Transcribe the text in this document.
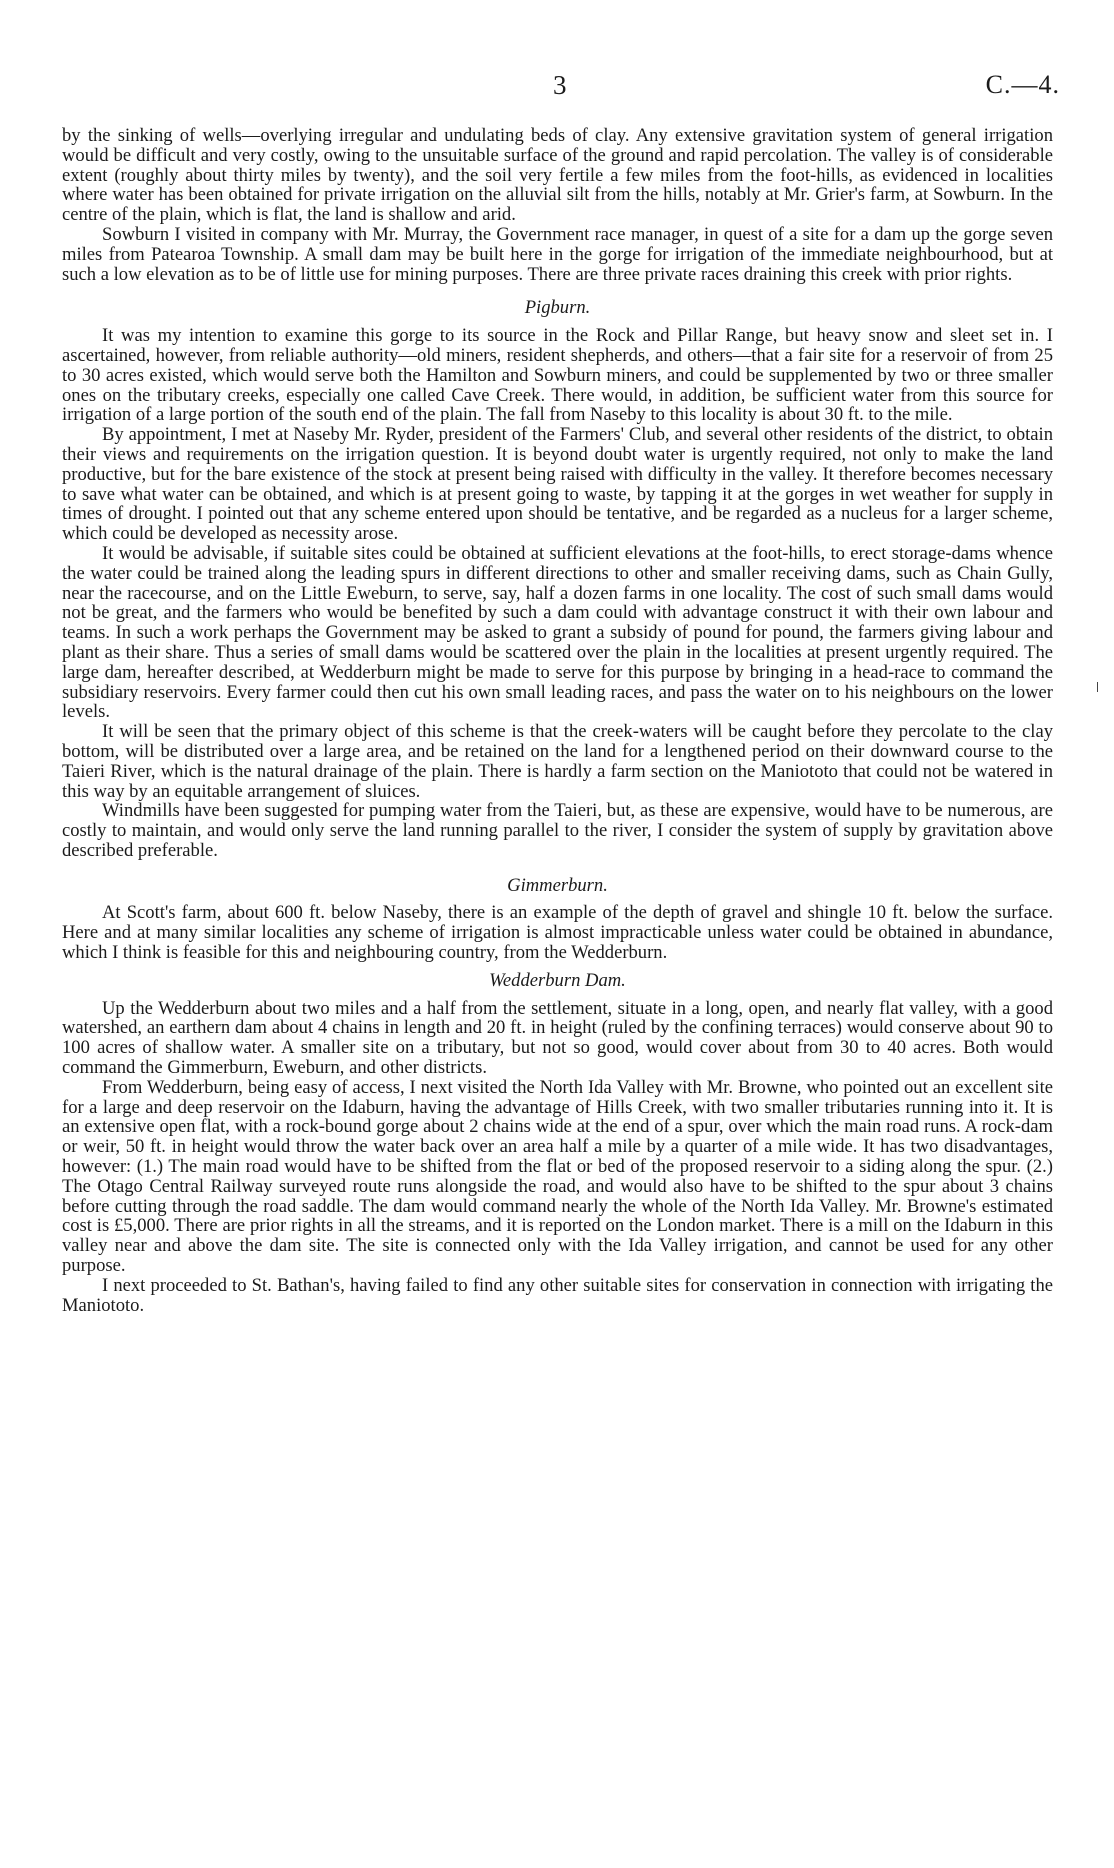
3	C.—4.

by the sinking of wells—overlying irregular and undulating beds of clay. Any extensive gravitation system of general irrigation would be difficult and very costly, owing to the unsuitable surface of the ground and rapid percolation. The valley is of considerable extent (roughly about thirty miles by twenty), and the soil very fertile a few miles from the foot-hills, as evidenced in localities where water has been obtained for private irrigation on the alluvial silt from the hills, notably at Mr. Grier's farm, at Sowburn. In the centre of the plain, which is flat, the land is shallow and arid.

Sowburn I visited in company with Mr. Murray, the Government race manager, in quest of a site for a dam up the gorge seven miles from Patearoa Township. A small dam may be built here in the gorge for irrigation of the immediate neighbourhood, but at such a low elevation as to be of little use for mining purposes. There are three private races draining this creek with prior rights.

Pigburn.

It was my intention to examine this gorge to its source in the Rock and Pillar Range, but heavy snow and sleet set in. I ascertained, however, from reliable authority—old miners, resident shepherds, and others—that a fair site for a reservoir of from 25 to 30 acres existed, which would serve both the Hamilton and Sowburn miners, and could be supplemented by two or three smaller ones on the tributary creeks, especially one called Cave Creek. There would, in addition, be sufficient water from this source for irrigation of a large portion of the south end of the plain. The fall from Naseby to this locality is about 30 ft. to the mile.

By appointment, I met at Naseby Mr. Ryder, president of the Farmers' Club, and several other residents of the district, to obtain their views and requirements on the irrigation question. It is beyond doubt water is urgently required, not only to make the land productive, but for the bare existence of the stock at present being raised with difficulty in the valley. It therefore becomes necessary to save what water can be obtained, and which is at present going to waste, by tapping it at the gorges in wet weather for supply in times of drought. I pointed out that any scheme entered upon should be tentative, and be regarded as a nucleus for a larger scheme, which could be developed as necessity arose.

It would be advisable, if suitable sites could be obtained at sufficient elevations at the foot-hills, to erect storage-dams whence the water could be trained along the leading spurs in different directions to other and smaller receiving dams, such as Chain Gully, near the racecourse, and on the Little Eweburn, to serve, say, half a dozen farms in one locality. The cost of such small dams would not be great, and the farmers who would be benefited by such a dam could with advantage construct it with their own labour and teams. In such a work perhaps the Government may be asked to grant a subsidy of pound for pound, the farmers giving labour and plant as their share. Thus a series of small dams would be scattered over the plain in the localities at present urgently required. The large dam, hereafter described, at Wedderburn might be made to serve for this purpose by bringing in a head-race to command the subsidiary reservoirs. Every farmer could then cut his own small leading races, and pass the water on to his neighbours on the lower levels.

It will be seen that the primary object of this scheme is that the creek-waters will be caught before they percolate to the clay bottom, will be distributed over a large area, and be retained on the land for a lengthened period on their downward course to the Taieri River, which is the natural drainage of the plain. There is hardly a farm section on the Maniototo that could not be watered in this way by an equitable arrangement of sluices.

Windmills have been suggested for pumping water from the Taieri, but, as these are expensive, would have to be numerous, are costly to maintain, and would only serve the land running parallel to the river, I consider the system of supply by gravitation above described preferable.

Gimmerburn.

At Scott's farm, about 600 ft. below Naseby, there is an example of the depth of gravel and shingle 10 ft. below the surface. Here and at many similar localities any scheme of irrigation is almost impracticable unless water could be obtained in abundance, which I think is feasible for this and neighbouring country, from the Wedderburn.

Wedderburn Dam.

Up the Wedderburn about two miles and a half from the settlement, situate in a long, open, and nearly flat valley, with a good watershed, an earthern dam about 4 chains in length and 20 ft. in height (ruled by the confining terraces) would conserve about 90 to 100 acres of shallow water. A smaller site on a tributary, but not so good, would cover about from 30 to 40 acres. Both would command the Gimmerburn, Eweburn, and other districts.

From Wedderburn, being easy of access, I next visited the North Ida Valley with Mr. Browne, who pointed out an excellent site for a large and deep reservoir on the Idaburn, having the advantage of Hills Creek, with two smaller tributaries running into it. It is an extensive open flat, with a rock-bound gorge about 2 chains wide at the end of a spur, over which the main road runs. A rock-dam or weir, 50 ft. in height would throw the water back over an area half a mile by a quarter of a mile wide. It has two disadvantages, however: (1.) The main road would have to be shifted from the flat or bed of the proposed reservoir to a siding along the spur. (2.) The Otago Central Railway surveyed route runs alongside the road, and would also have to be shifted to the spur about 3 chains before cutting through the road saddle. The dam would command nearly the whole of the North Ida Valley. Mr. Browne's estimated cost is £5,000. There are prior rights in all the streams, and it is reported on the London market. There is a mill on the Idaburn in this valley near and above the dam site. The site is connected only with the Ida Valley irrigation, and cannot be used for any other purpose.

I next proceeded to St. Bathan's, having failed to find any other suitable sites for conservation in connection with irrigating the Maniototo.
